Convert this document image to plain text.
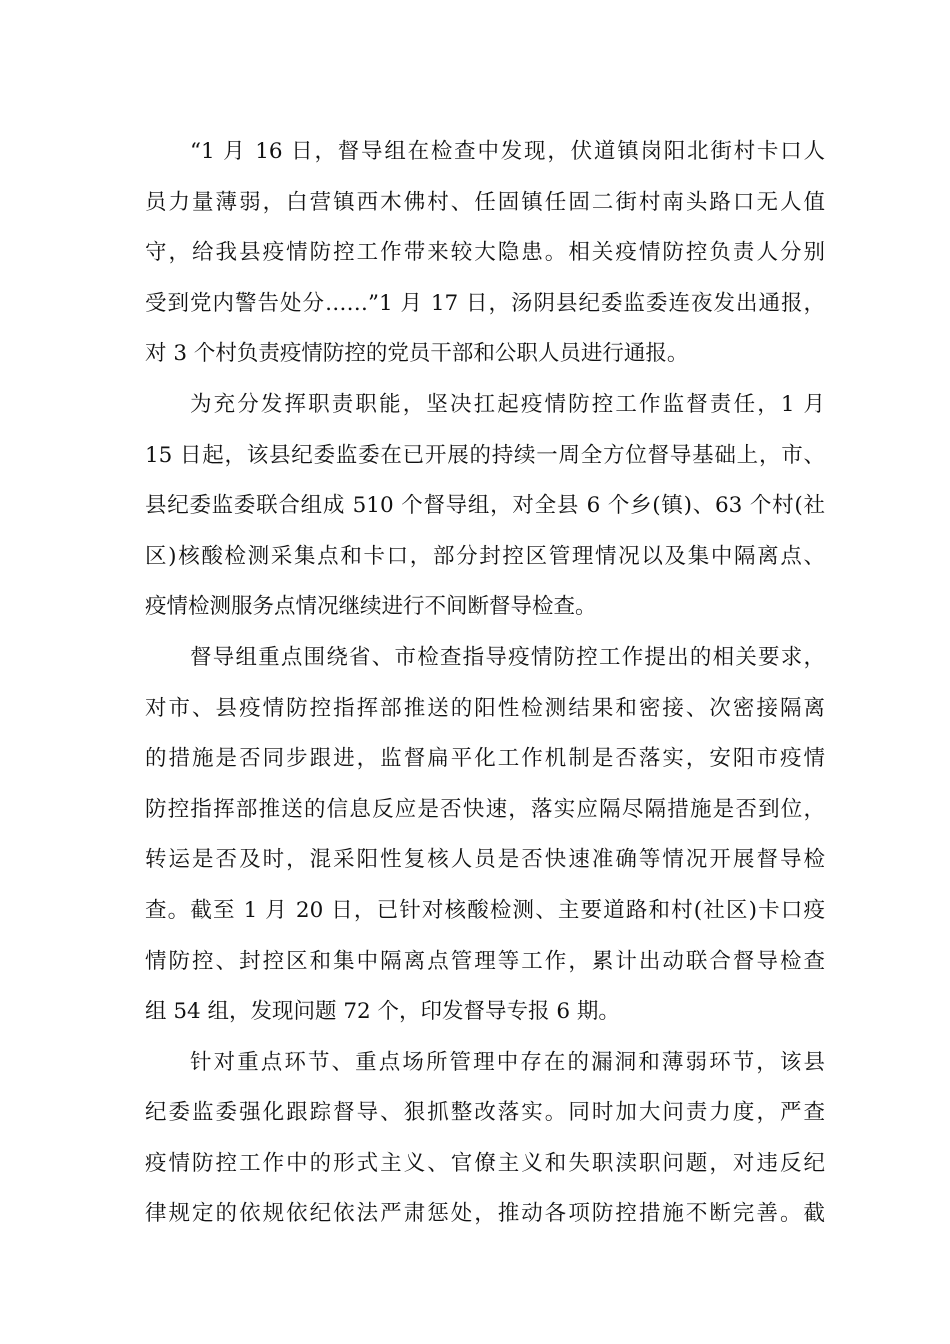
“1 月 16 日，督导组在检查中发现，伏道镇岗阳北街村卡口人
员力量薄弱，白营镇西木佛村、任固镇任固二街村南头路口无人值
守，给我县疫情防控工作带来较大隐患。相关疫情防控负责人分别
受到党内警告处分……”1 月 17 日，汤阴县纪委监委连夜发出通报，
对 3 个村负责疫情防控的党员干部和公职人员进行通报。
为充分发挥职责职能，坚决扛起疫情防控工作监督责任，1 月
15 日起，该县纪委监委在已开展的持续一周全方位督导基础上，市、
县纪委监委联合组成 510 个督导组，对全县 6 个乡(镇)、63 个村(社
区)核酸检测采集点和卡口，部分封控区管理情况以及集中隔离点、
疫情检测服务点情况继续进行不间断督导检查。
督导组重点围绕省、市检查指导疫情防控工作提出的相关要求，
对市、县疫情防控指挥部推送的阳性检测结果和密接、次密接隔离
的措施是否同步跟进，监督扁平化工作机制是否落实，安阳市疫情
防控指挥部推送的信息反应是否快速，落实应隔尽隔措施是否到位，
转运是否及时，混采阳性复核人员是否快速准确等情况开展督导检
查。截至 1 月 20 日，已针对核酸检测、主要道路和村(社区)卡口疫
情防控、封控区和集中隔离点管理等工作，累计出动联合督导检查
组 54 组，发现问题 72 个，印发督导专报 6 期。
针对重点环节、重点场所管理中存在的漏洞和薄弱环节，该县
纪委监委强化跟踪督导、狠抓整改落实。同时加大问责力度，严查
疫情防控工作中的形式主义、官僚主义和失职渎职问题，对违反纪
律规定的依规依纪依法严肃惩处，推动各项防控措施不断完善。截
